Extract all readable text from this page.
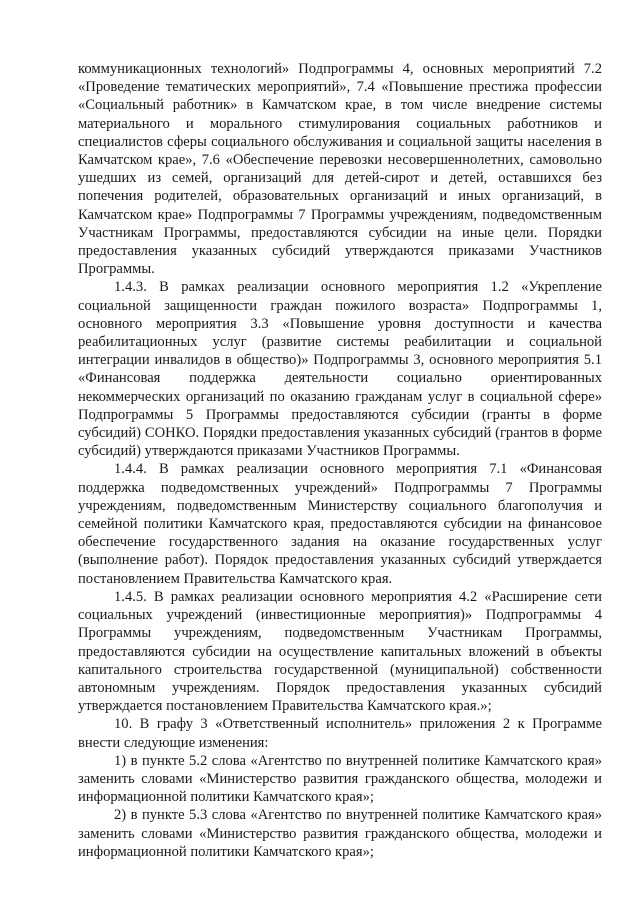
коммуникационных технологий» Подпрограммы 4, основных мероприятий 7.2 «Проведение тематических мероприятий», 7.4 «Повышение престижа профессии «Социальный работник» в Камчатском крае, в том числе внедрение системы материального и морального стимулирования социальных работников и специалистов сферы социального обслуживания и социальной защиты населения в Камчатском крае», 7.6 «Обеспечение перевозки несовершеннолетних, самовольно ушедших из семей, организаций для детей-сирот и детей, оставшихся без попечения родителей, образовательных организаций и иных организаций, в Камчатском крае» Подпрограммы 7 Программы учреждениям, подведомственным Участникам Программы, предоставляются субсидии на иные цели. Порядки предоставления указанных субсидий утверждаются приказами Участников Программы.

1.4.3. В рамках реализации основного мероприятия 1.2 «Укрепление социальной защищенности граждан пожилого возраста» Подпрограммы 1, основного мероприятия 3.3 «Повышение уровня доступности и качества реабилитационных услуг (развитие системы реабилитации и социальной интеграции инвалидов в общество)» Подпрограммы 3, основного мероприятия 5.1 «Финансовая поддержка деятельности социально ориентированных некоммерческих организаций по оказанию гражданам услуг в социальной сфере» Подпрограммы 5 Программы предоставляются субсидии (гранты в форме субсидий) СОНКО. Порядки предоставления указанных субсидий (грантов в форме субсидий) утверждаются приказами Участников Программы.

1.4.4. В рамках реализации основного мероприятия 7.1 «Финансовая поддержка подведомственных учреждений» Подпрограммы 7 Программы учреждениям, подведомственным Министерству социального благополучия и семейной политики Камчатского края, предоставляются субсидии на финансовое обеспечение государственного задания на оказание государственных услуг (выполнение работ). Порядок предоставления указанных субсидий утверждается постановлением Правительства Камчатского края.

1.4.5. В рамках реализации основного мероприятия 4.2 «Расширение сети социальных учреждений (инвестиционные мероприятия)» Подпрограммы 4 Программы учреждениям, подведомственным Участникам Программы, предоставляются субсидии на осуществление капитальных вложений в объекты капитального строительства государственной (муниципальной) собственности автономным учреждениям. Порядок предоставления указанных субсидий утверждается постановлением Правительства Камчатского края.»;

10. В графу 3 «Ответственный исполнитель» приложения 2 к Программе внести следующие изменения:

1) в пункте 5.2 слова «Агентство по внутренней политике Камчатского края» заменить словами «Министерство развития гражданского общества, молодежи и информационной политики Камчатского края»;

2) в пункте 5.3 слова «Агентство по внутренней политике Камчатского края» заменить словами «Министерство развития гражданского общества, молодежи и информационной политики Камчатского края»;
